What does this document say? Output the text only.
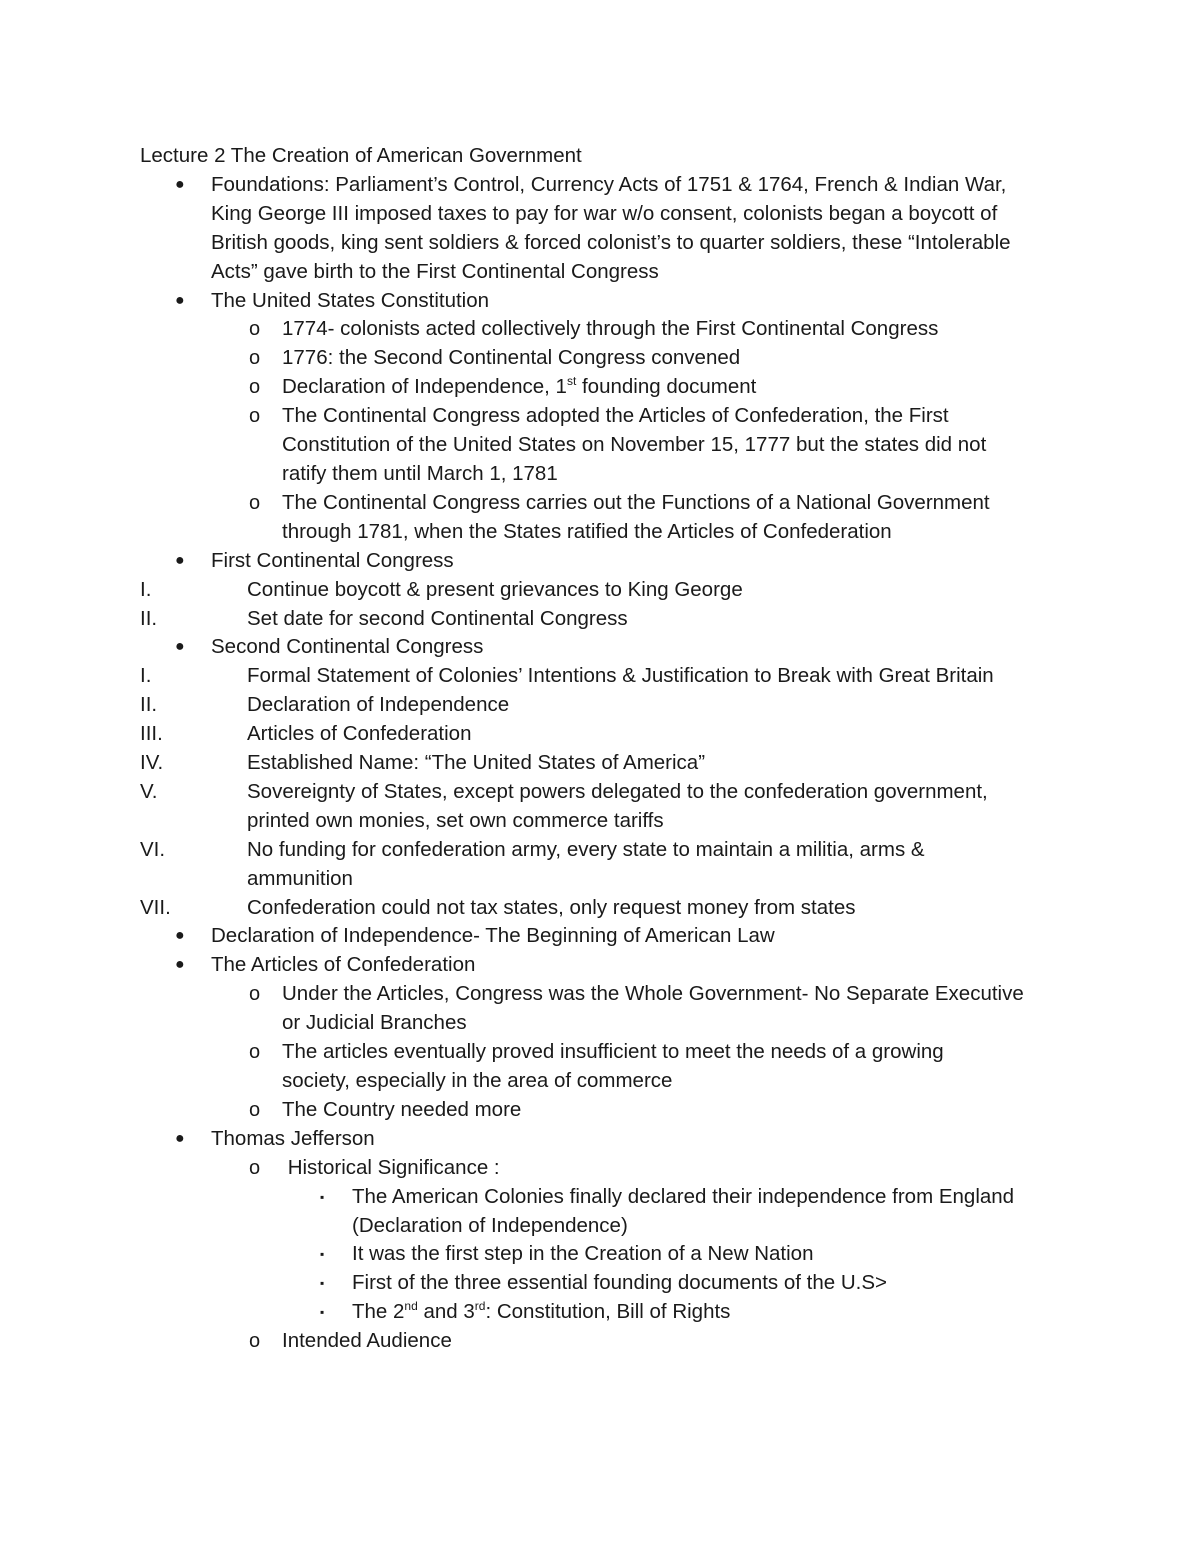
Lecture 2 The Creation of American Government
● Foundations: Parliament’s Control, Currency Acts of 1751 & 1764, French & Indian War,
King George III imposed taxes to pay for war w/o consent, colonists began a boycott of
British goods, king sent soldiers & forced colonist’s to quarter soldiers, these “Intolerable
Acts” gave birth to the First Continental Congress
● The United States Constitution
o 1774- colonists acted collectively through the First Continental Congress
o 1776: the Second Continental Congress convened
o Declaration of Independence, 1st founding document
o The Continental Congress adopted the Articles of Confederation, the First
Constitution of the United States on November 15, 1777 but the states did not
ratify them until March 1, 1781
o The Continental Congress carries out the Functions of a National Government
through 1781, when the States ratified the Articles of Confederation
● First Continental Congress
I.	Continue boycott & present grievances to King George
II.	Set date for second Continental Congress
● Second Continental Congress
I.	Formal Statement of Colonies’ Intentions & Justification to Break with Great Britain
II.	Declaration of Independence
III.	Articles of Confederation
IV.	Established Name: “The United States of America”
V.	Sovereignty of States, except powers delegated to the confederation government,
printed own monies, set own commerce tariffs
VI.	No funding for confederation army, every state to maintain a militia, arms &
ammunition
VII.	Confederation could not tax states, only request money from states
● Declaration of Independence- The Beginning of American Law
● The Articles of Confederation
o Under the Articles, Congress was the Whole Government- No Separate Executive
or Judicial Branches
o The articles eventually proved insufficient to meet the needs of a growing
society, especially in the area of commerce
o The Country needed more
● Thomas Jefferson
o Historical Significance :
▪ The American Colonies finally declared their independence from England
(Declaration of Independence)
▪ It was the first step in the Creation of a New Nation
▪ First of the three essential founding documents of the U.S>
▪ The 2nd and 3rd: Constitution, Bill of Rights
o Intended Audience
